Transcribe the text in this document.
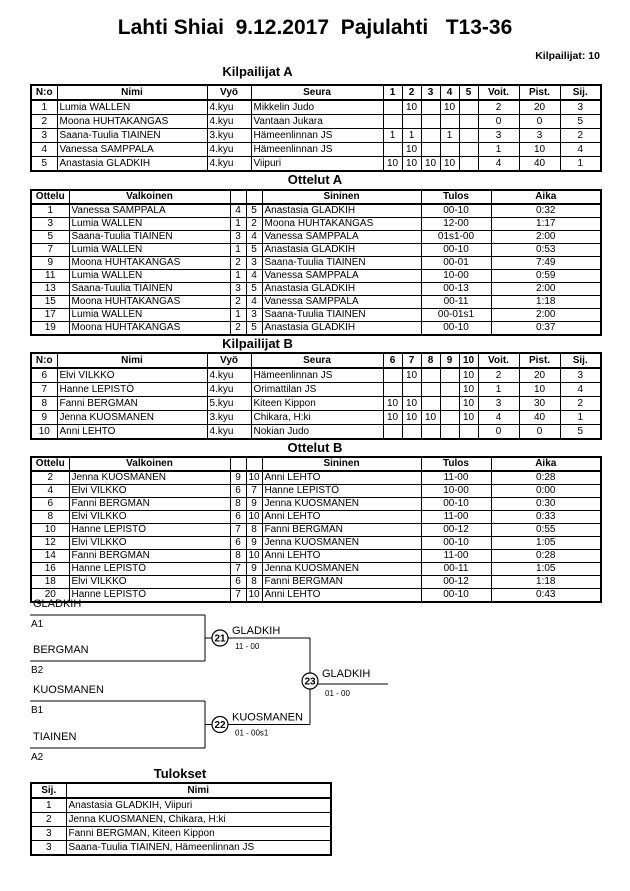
Lahti Shiai  9.12.2017  Pajulahti   T13-36
Kilpailijat: 10
Kilpailijat A
N:o	Nimi	Vyö	Seura	1	2	3	4	5	Voit.	Pist.	Sij.
1	Lumia WALLEN	4.kyu	Mikkelin Judo		10		10		2	20	3
2	Moona HUHTAKANGAS	4.kyu	Vantaan Jukara						0	0	5
3	Saana-Tuulia TIAINEN	3.kyu	Hämeenlinnan JS	1	1		1		3	3	2
4	Vanessa SAMPPALA	4.kyu	Hämeenlinnan JS		10				1	10	4
5	Anastasia GLADKIH	4.kyu	Viipuri	10	10	10	10		4	40	1
Ottelut A
Ottelu	Valkoinen			Sininen	Tulos	Aika
1	Vanessa SAMPPALA	4	5	Anastasia GLADKIH	00-10	0:32
3	Lumia WALLEN	1	2	Moona HUHTAKANGAS	12-00	1:17
5	Saana-Tuulia TIAINEN	3	4	Vanessa SAMPPALA	01s1-00	2:00
7	Lumia WALLEN	1	5	Anastasia GLADKIH	00-10	0:53
9	Moona HUHTAKANGAS	2	3	Saana-Tuulia TIAINEN	00-01	7:49
11	Lumia WALLEN	1	4	Vanessa SAMPPALA	10-00	0:59
13	Saana-Tuulia TIAINEN	3	5	Anastasia GLADKIH	00-13	2:00
15	Moona HUHTAKANGAS	2	4	Vanessa SAMPPALA	00-11	1:18
17	Lumia WALLEN	1	3	Saana-Tuulia TIAINEN	00-01s1	2:00
19	Moona HUHTAKANGAS	2	5	Anastasia GLADKIH	00-10	0:37
Kilpailijat B
N:o	Nimi	Vyö	Seura	6	7	8	9	10	Voit.	Pist.	Sij.
6	Elvi VILKKO	4.kyu	Hämeenlinnan JS		10			10	2	20	3
7	Hanne LEPISTÖ	4.kyu	Orimattilan JS					10	1	10	4
8	Fanni BERGMAN	5.kyu	Kiteen Kippon	10	10			10	3	30	2
9	Jenna KUOSMANEN	3.kyu	Chikara, H:ki	10	10	10		10	4	40	1
10	Anni LEHTO	4.kyu	Nokian Judo						0	0	5
Ottelut B
Ottelu	Valkoinen			Sininen	Tulos	Aika
2	Jenna KUOSMANEN	9	10	Anni LEHTO	11-00	0:28
4	Elvi VILKKO	6	7	Hanne LEPISTÖ	10-00	0:00
6	Fanni BERGMAN	8	9	Jenna KUOSMANEN	00-10	0:30
8	Elvi VILKKO	6	10	Anni LEHTO	11-00	0:33
10	Hanne LEPISTÖ	7	8	Fanni BERGMAN	00-12	0:55
12	Elvi VILKKO	6	9	Jenna KUOSMANEN	00-10	1:05
14	Fanni BERGMAN	8	10	Anni LEHTO	11-00	0:28
16	Hanne LEPISTÖ	7	9	Jenna KUOSMANEN	00-11	1:05
18	Elvi VILKKO	6	8	Fanni BERGMAN	00-12	1:18
20	Hanne LEPISTÖ	7	10	Anni LEHTO	00-10	0:43
GLADKIH
A1
BERGMAN
B2
KUOSMANEN
B1
TIAINEN
A2
21
GLADKIH
11 - 00
22
KUOSMANEN
01 - 00s1
23
GLADKIH
01 - 00
Tulokset
Sij.	Nimi
1	Anastasia GLADKIH, Viipuri
2	Jenna KUOSMANEN, Chikara, H:ki
3	Fanni BERGMAN, Kiteen Kippon
3	Saana-Tuulia TIAINEN, Hämeenlinnan JS
